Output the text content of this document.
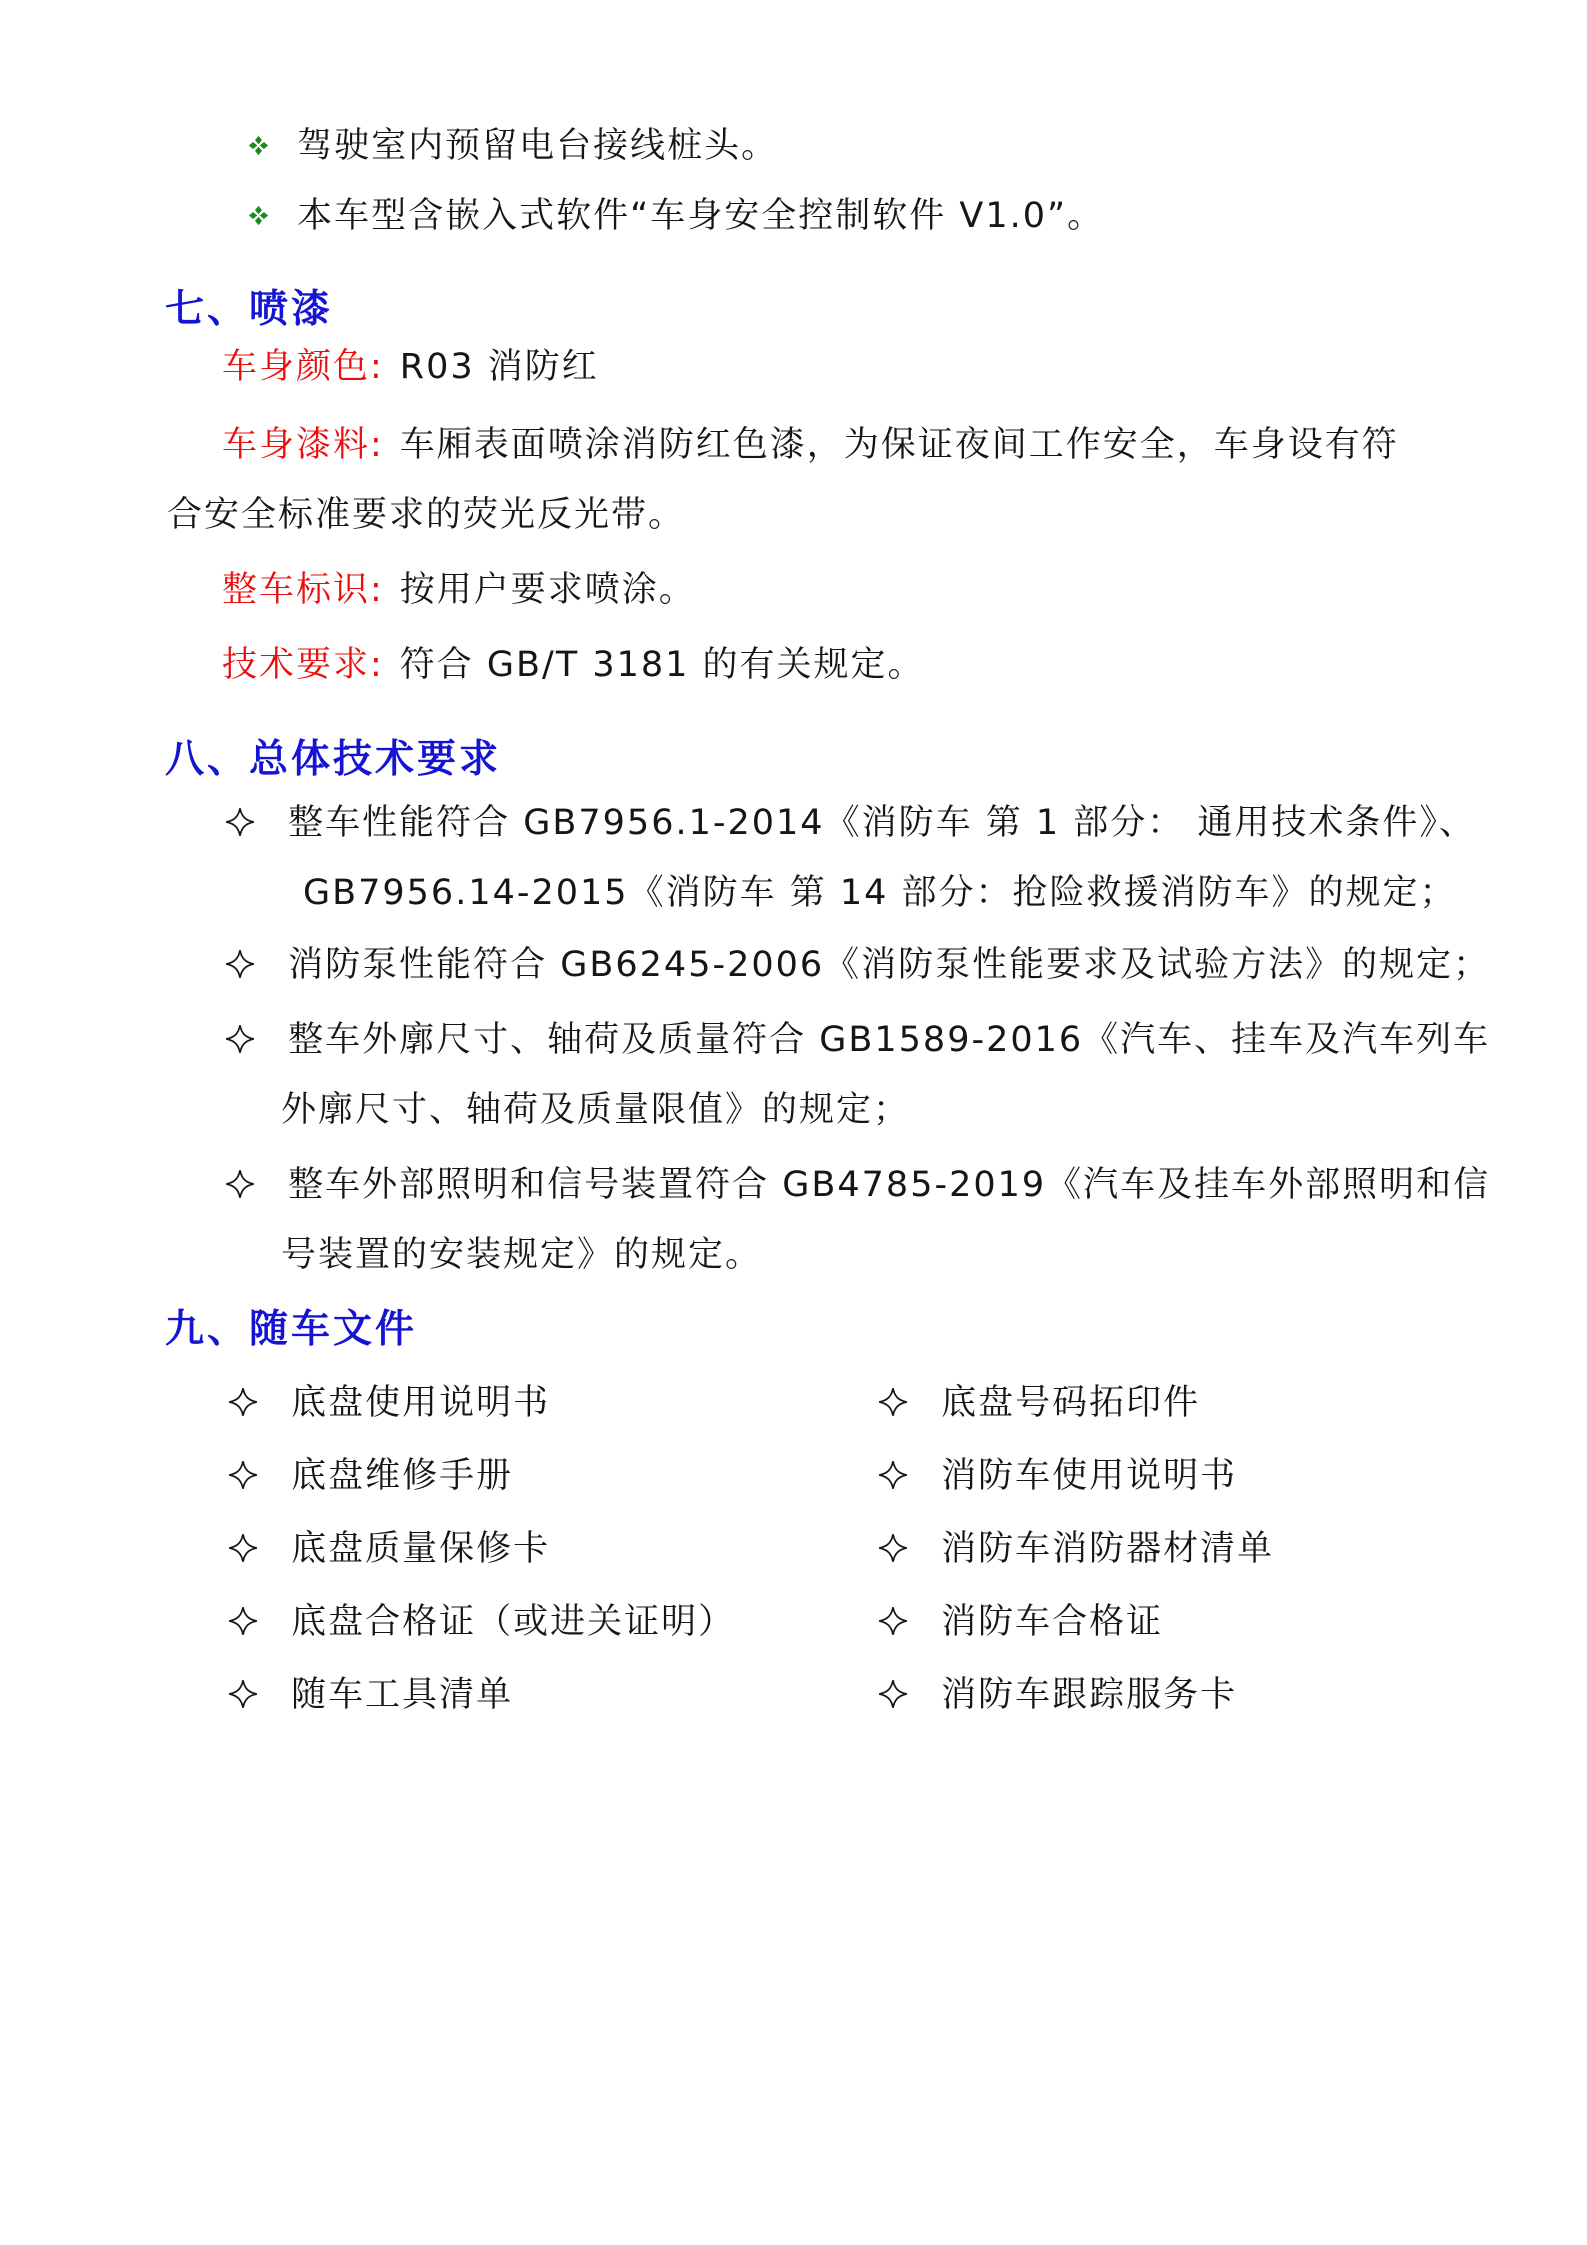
驾驶室内预留电台接线桩头。
本车型含嵌入式软件“车身安全控制软件 V1.0”。
七、喷漆
车身颜色: R03 消防红
车身漆料: 车厢表面喷涂消防红色漆，为保证夜间工作安全，车身设有符
合安全标准要求的荧光反光带。
整车标识: 按用户要求喷涂。
技术要求: 符合 GB/T 3181 的有关规定。
八、总体技术要求
整车性能符合 GB7956.1-2014《消防车 第 1 部分： 通用技术条件》、
GB7956.14-2015《消防车 第 14 部分：抢险救援消防车》的规定；
消防泵性能符合 GB6245-2006《消防泵性能要求及试验方法》的规定；
整车外廓尺寸、轴荷及质量符合 GB1589-2016《汽车、挂车及汽车列车
外廓尺寸、轴荷及质量限值》的规定；
整车外部照明和信号装置符合 GB4785-2019《汽车及挂车外部照明和信
号装置的安装规定》的规定。
九、随车文件
底盘使用说明书
底盘维修手册
底盘质量保修卡
底盘合格证（或进关证明）
随车工具清单
底盘号码拓印件
消防车使用说明书
消防车消防器材清单
消防车合格证
消防车跟踪服务卡
